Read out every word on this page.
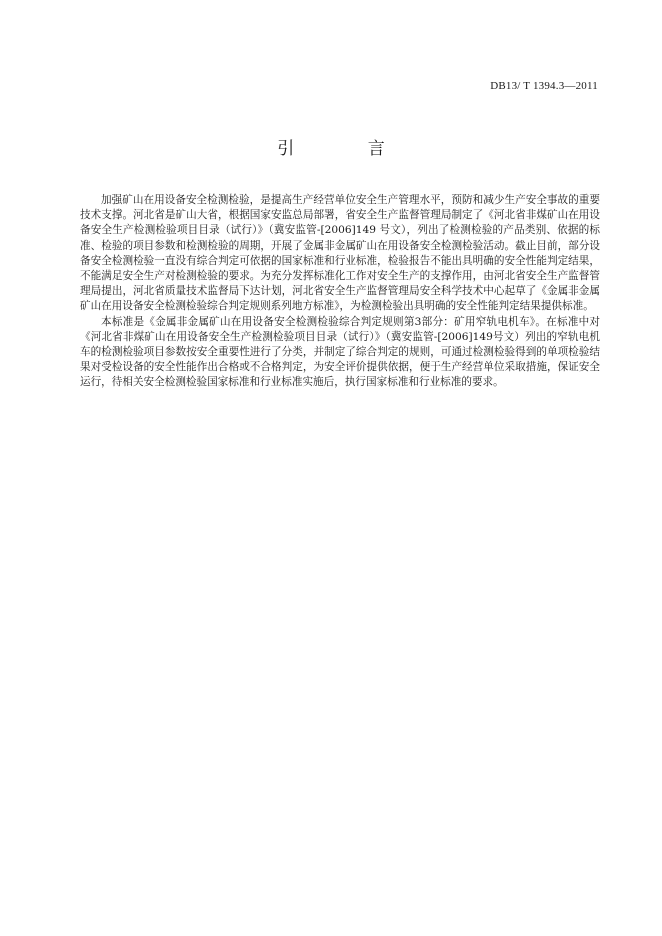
DB13/ T 1394.3—2011
引 言

加强矿山在用设备安全检测检验，是提高生产经营单位安全生产管理水平，预防和减少生产安全事故的重要技术支撑。河北省是矿山大省，根据国家安监总局部署，省安全生产监督管理局制定了《河北省非煤矿山在用设备安全生产检测检验项目目录（试行）》（冀安监管-[2006]149 号文），列出了检测检验的产品类别、依据的标准、检验的项目参数和检测检验的周期，开展了金属非金属矿山在用设备安全检测检验活动。截止目前，部分设备安全检测检验一直没有综合判定可依据的国家标准和行业标准，检验报告不能出具明确的安全性能判定结果，不能满足安全生产对检测检验的要求。为充分发挥标准化工作对安全生产的支撑作用，由河北省安全生产监督管理局提出，河北省质量技术监督局下达计划，河北省安全生产监督管理局安全科学技术中心起草了《金属非金属矿山在用设备安全检测检验综合判定规则系列地方标准》，为检测检验出具明确的安全性能判定结果提供标准。

本标准是《金属非金属矿山在用设备安全检测检验综合判定规则第3部分：矿用窄轨电机车》。在标准中对《河北省非煤矿山在用设备安全生产检测检验项目目录（试行）》（冀安监管-[2006]149号文）列出的窄轨电机车的检测检验项目参数按安全重要性进行了分类，并制定了综合判定的规则，可通过检测检验得到的单项检验结果对受检设备的安全性能作出合格或不合格判定，为安全评价提供依据，便于生产经营单位采取措施，保证安全运行，待相关安全检测检验国家标准和行业标准实施后，执行国家标准和行业标准的要求。
